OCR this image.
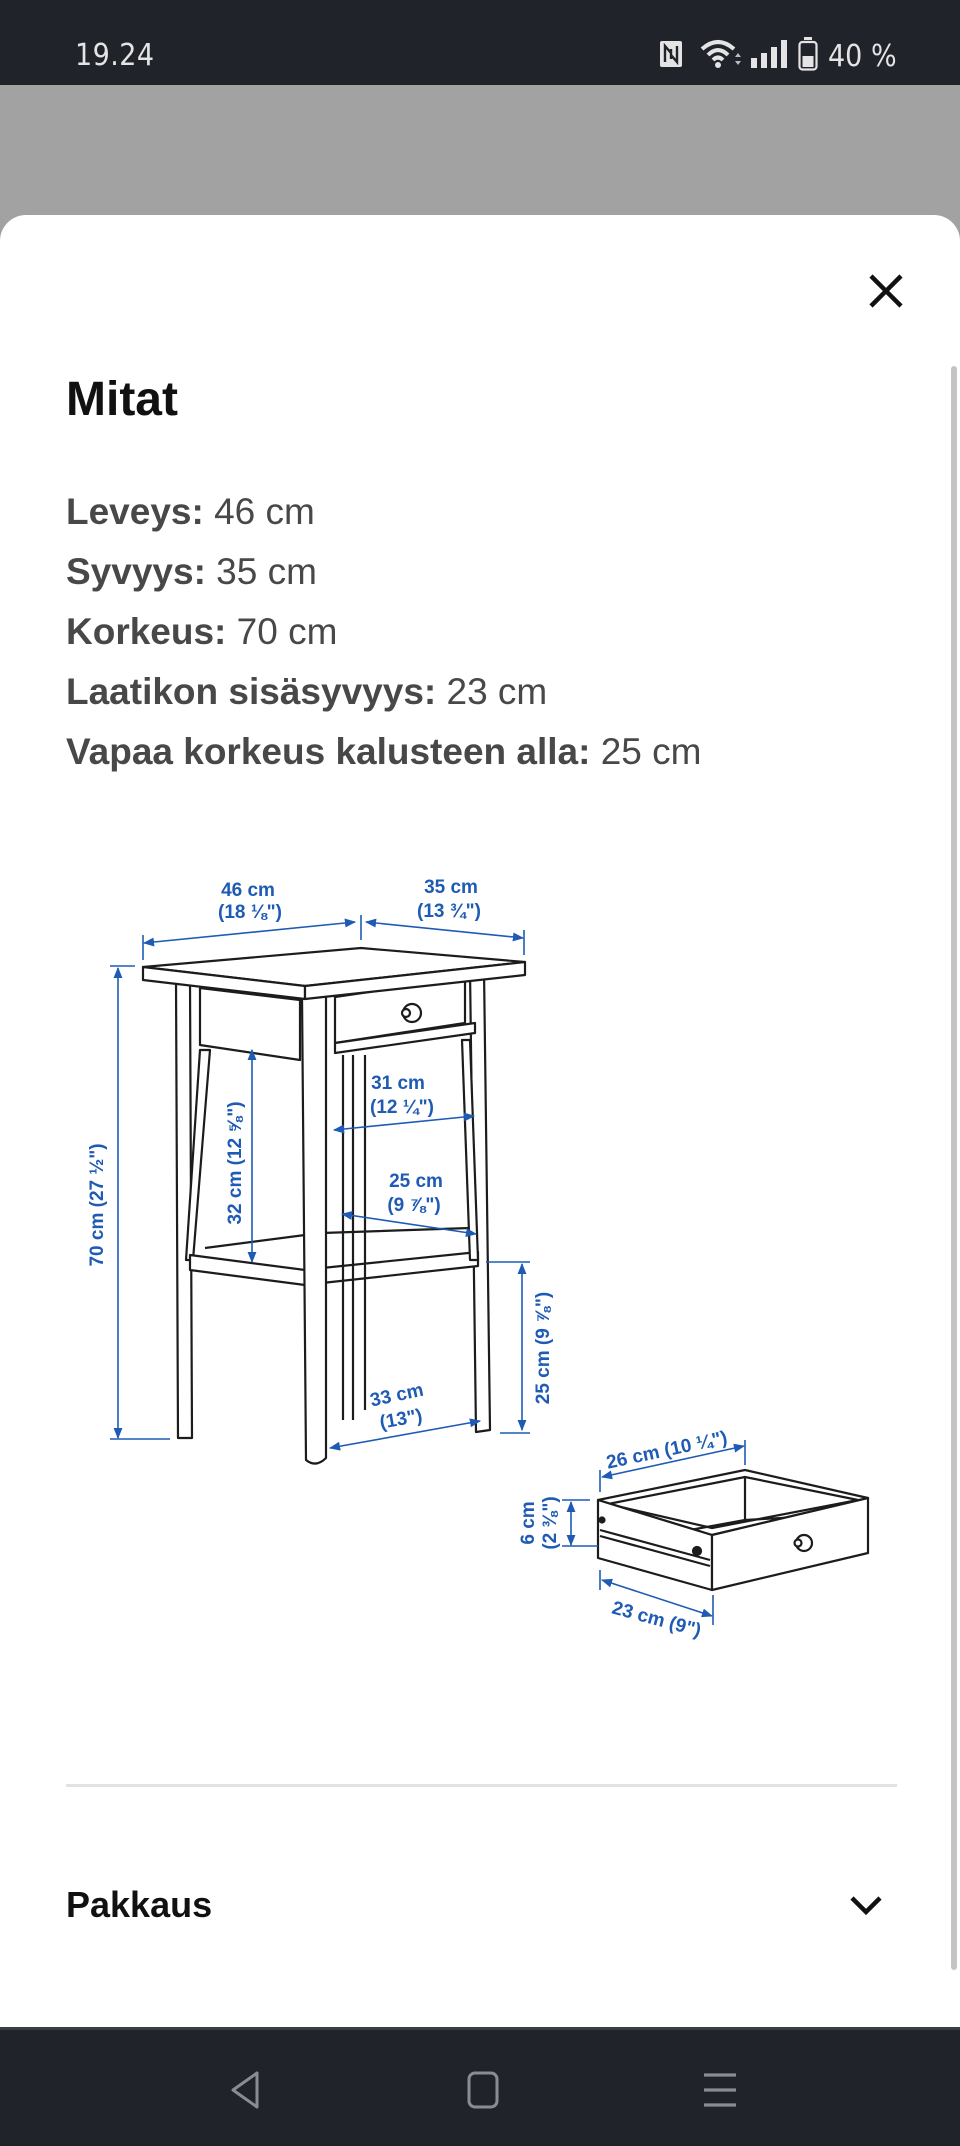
19.24	40 %
Mitat
Leveys: 46 cm
Syvyys: 35 cm
Korkeus: 70 cm
Laatikon sisäsyvyys: 23 cm
Vapaa korkeus kalusteen alla: 25 cm
46 cm
(18 ⅛")
35 cm
(13 ¾")
70 cm (27 ½")	32 cm (12 ⅝")
31 cm
(12 ¼")
25 cm
(9 ⅞")
25 cm (9 ⅞")
33 cm
(13")
26 cm (10 ¼")
6 cm (2 ⅜")
23 cm (9")
Pakkaus
